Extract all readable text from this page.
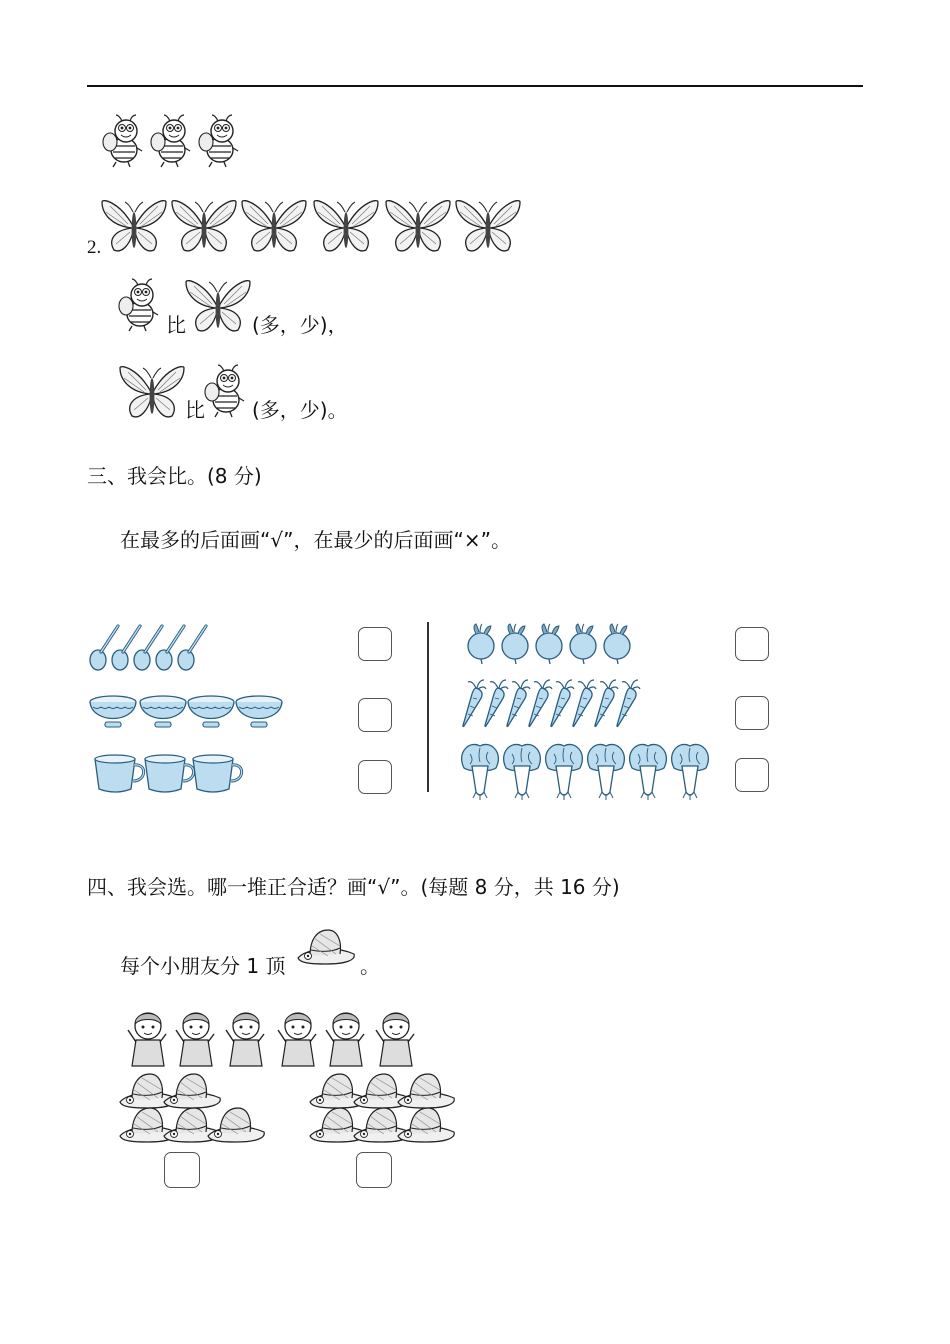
2.
比	(多，少)，
比 (多，少)。
三、我会比。(8 分)
在最多的后面画“√”，在最少的后面画“×”。
四、我会选。哪一堆正合适？画“√”。(每题 8 分，共 16 分)
每个小朋友分 1 顶	。
